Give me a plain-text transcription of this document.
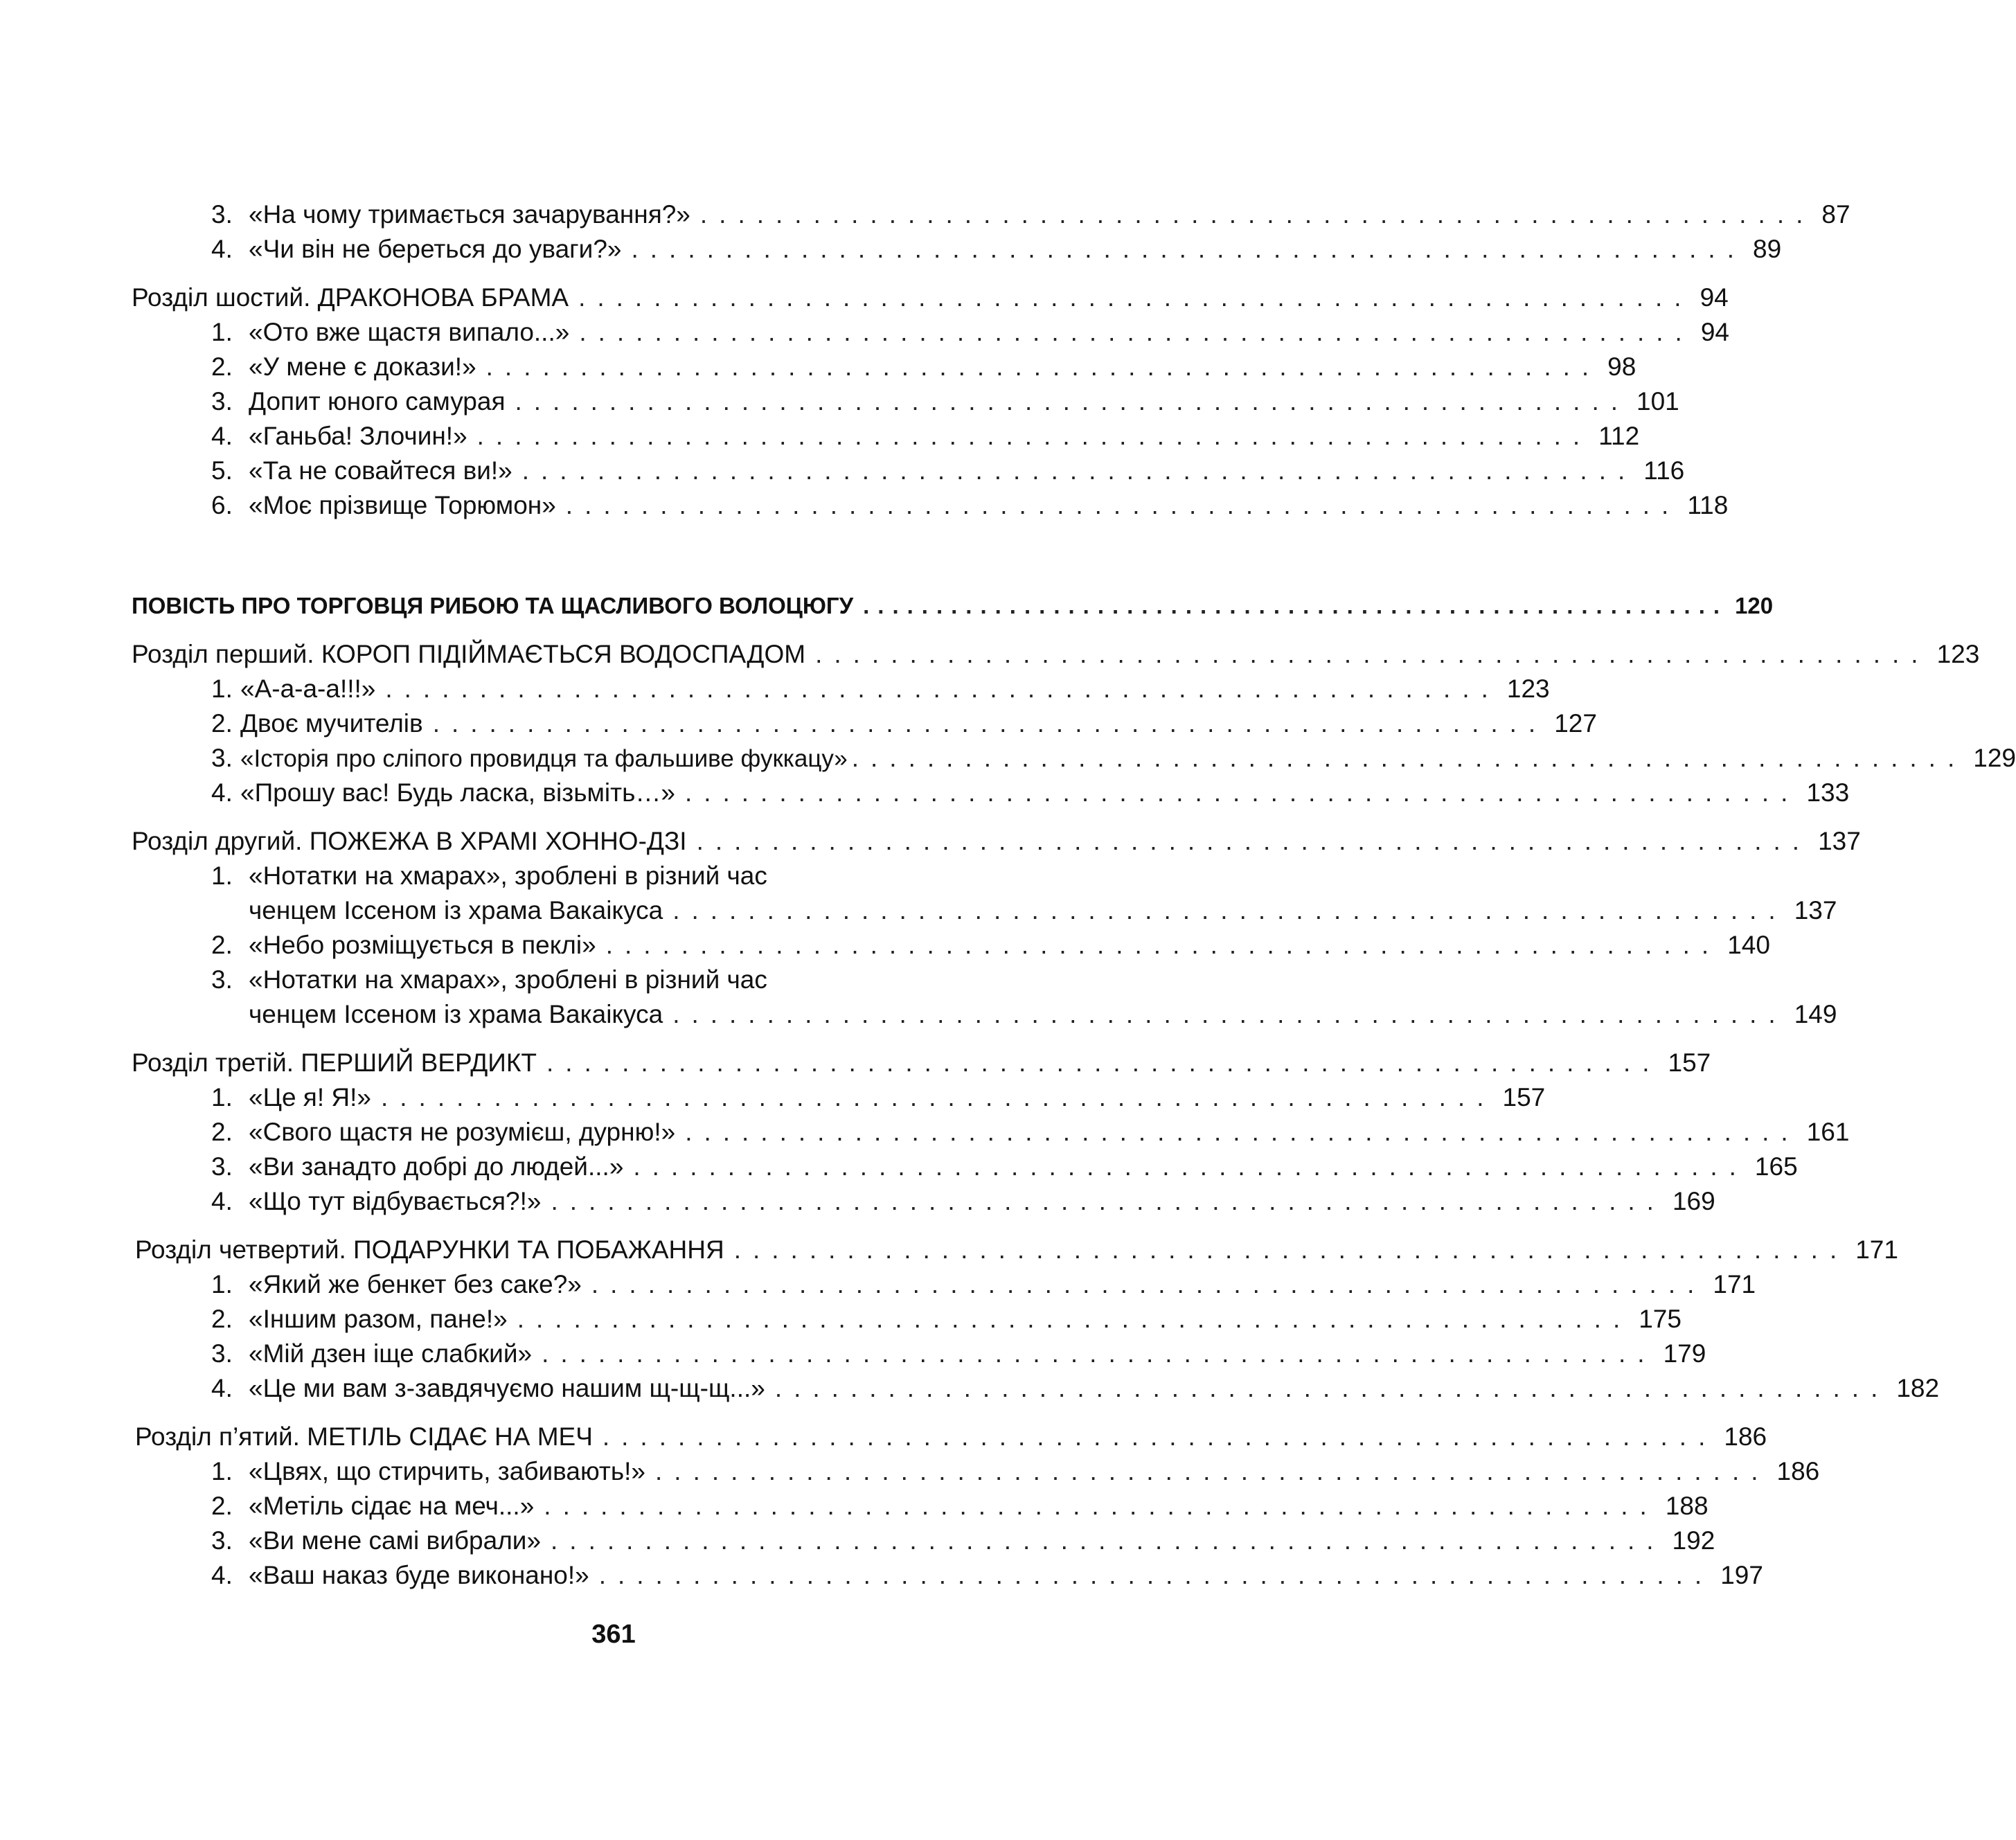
3. «На чому тримається зачарування?» ........................................................... 87
4. «Чи він не береться до уваги?» ........................................................... 89
Розділ шостий. ДРАКОНОВА БРАМА ........................................................... 94
1. «Ото вже щастя випало...» ........................................................... 94
2. «У мене є докази!» ........................................................... 98
3. Допит юного самурая ........................................................... 101
4. «Ганьба! Злочин!» ........................................................... 112
5. «Та не совайтеся ви!» ........................................................... 116
6. «Моє прізвище Торюмон» ........................................................... 118
ПОВІСТЬ ПРО ТОРГОВЦЯ РИБОЮ ТА ЩАСЛИВОГО ВОЛОЦЮГУ ........................................................... 120
Розділ перший. КОРОП ПІДІЙМАЄТЬСЯ ВОДОСПАДОМ ........................................................... 123
1. «А-а-а-а!!!» ........................................................... 123
2. Двоє мучителів ........................................................... 127
3. «Історія про сліпого провидця та фальшиве фуккацу» ........................................................... 129
4. «Прошу вас! Будь ласка, візьміть…» ........................................................... 133
Розділ другий. ПОЖЕЖА В ХРАМІ ХОННО-ДЗІ ........................................................... 137
1. «Нотатки на хмарах», зроблені в різний час
ченцем Іссеном із храма Вакаікуса ........................................................... 137
2. «Небо розміщується в пеклі» ........................................................... 140
3. «Нотатки на хмарах», зроблені в різний час
ченцем Іссеном із храма Вакаікуса ........................................................... 149
Розділ третій. ПЕРШИЙ ВЕРДИКТ ........................................................... 157
1. «Це я! Я!» ........................................................... 157
2. «Свого щастя не розумієш, дурню!» ........................................................... 161
3. «Ви занадто добрі до людей...» ........................................................... 165
4. «Що тут відбувається?!» ........................................................... 169
Розділ четвертий. ПОДАРУНКИ ТА ПОБАЖАННЯ ........................................................... 171
1. «Який же бенкет без саке?» ........................................................... 171
2. «Іншим разом, пане!» ........................................................... 175
3. «Мій дзен іще слабкий» ........................................................... 179
4. «Це ми вам з-завдячуємо нашим щ-щ-щ...» ........................................................... 182
Розділ п’ятий. МЕТІЛЬ СІДАЄ НА МЕЧ ........................................................... 186
1. «Цвях, що стирчить, забивають!» ........................................................... 186
2. «Метіль сідає на меч...» ........................................................... 188
3. «Ви мене самі вибрали» ........................................................... 192
4. «Ваш наказ буде виконано!» ........................................................... 197
361
